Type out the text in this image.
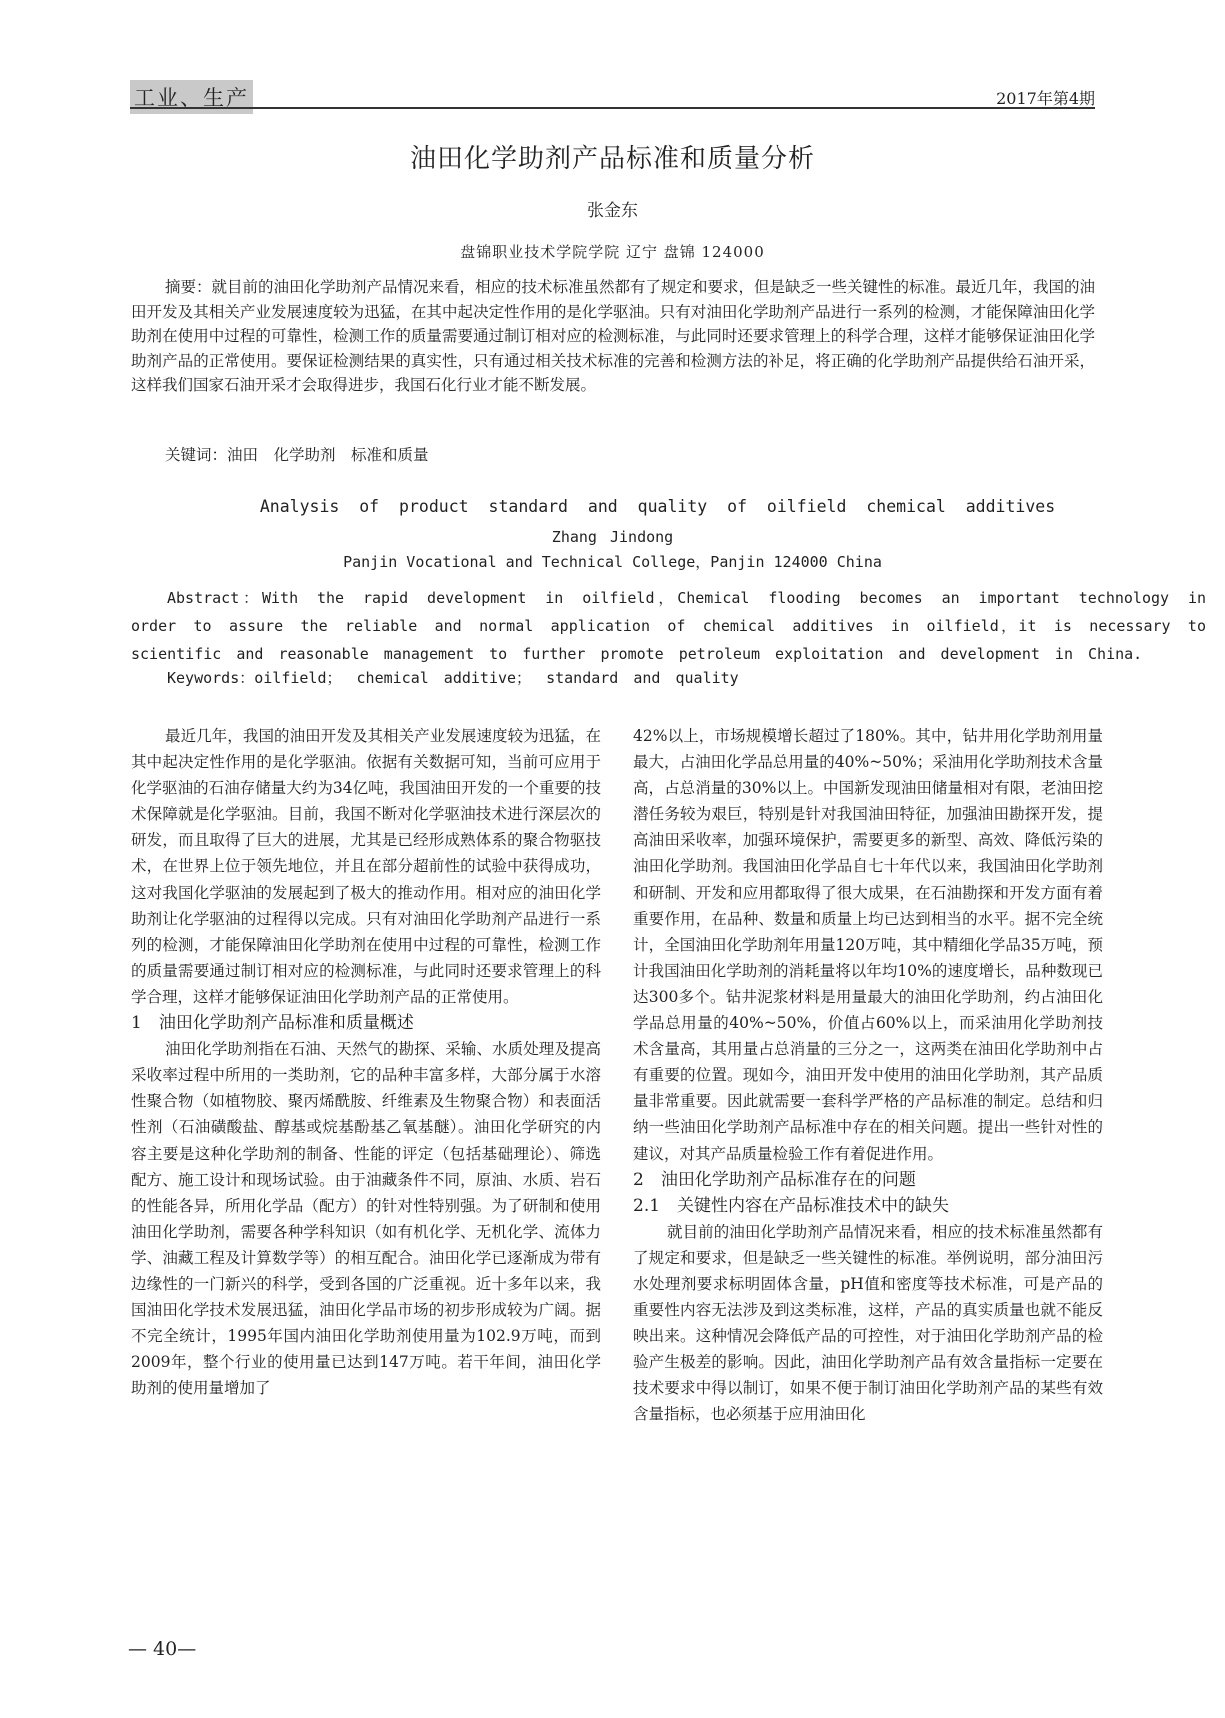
工业、生产	2017年第4期
油田化学助剂产品标准和质量分析
张金东
盘锦职业技术学院学院 辽宁 盘锦 124000

摘要：就目前的油田化学助剂产品情况来看，相应的技术标准虽然都有了规定和要求，但是缺乏一些关键性的标准。最近几年，我国的油田开发及其相关产业发展速度较为迅猛，在其中起决定性作用的是化学驱油。只有对油田化学助剂产品进行一系列的检测，才能保障油田化学助剂在使用中过程的可靠性，检测工作的质量需要通过制订相对应的检测标准，与此同时还要求管理上的科学合理，这样才能够保证油田化学助剂产品的正常使用。要保证检测结果的真实性，只有通过相关技术标准的完善和检测方法的补足，将正确的化学助剂产品提供给石油开采，这样我们国家石油开采才会取得进步，我国石化行业才能不断发展。

关键词：油田　化学助剂　标准和质量
Analysis of product standard and quality of oilfield chemical additives
Zhang Jindong
Panjin Vocational and Technical College，Panjin 124000 China

Abstract：With the rapid development in oilfield，Chemical flooding becomes an important technology in order to assure the reliable and normal application of chemical additives in oilfield，it is necessary to scientific and reasonable management to further promote petroleum exploitation and development in China.

Keywords：oilfield； chemical additive； standard and quality

最近几年，我国的油田开发及其相关产业发展速度较为迅猛，在其中起决定性作用的是化学驱油。依据有关数据可知，当前可应用于化学驱油的石油存储量大约为34亿吨，我国油田开发的一个重要的技术保障就是化学驱油。目前，我国不断对化学驱油技术进行深层次的研发，而且取得了巨大的进展，尤其是已经形成熟体系的聚合物驱技术，在世界上位于领先地位，并且在部分超前性的试验中获得成功，这对我国化学驱油的发展起到了极大的推动作用。相对应的油田化学助剂让化学驱油的过程得以完成。只有对油田化学助剂产品进行一系列的检测，才能保障油田化学助剂在使用中过程的可靠性，检测工作的质量需要通过制订相对应的检测标准，与此同时还要求管理上的科学合理，这样才能够保证油田化学助剂产品的正常使用。

1　油田化学助剂产品标准和质量概述

油田化学助剂指在石油、天然气的勘探、采输、水质处理及提高采收率过程中所用的一类助剂，它的品种丰富多样，大部分属于水溶性聚合物（如植物胶、聚丙烯酰胺、纤维素及生物聚合物）和表面活性剂（石油磺酸盐、醇基或烷基酚基乙氧基醚）。油田化学研究的内容主要是这种化学助剂的制备、性能的评定（包括基础理论）、筛选配方、施工设计和现场试验。由于油藏条件不同，原油、水质、岩石的性能各异，所用化学品（配方）的针对性特别强。为了研制和使用油田化学助剂，需要各种学科知识（如有机化学、无机化学、流体力学、油藏工程及计算数学等）的相互配合。油田化学已逐渐成为带有边缘性的一门新兴的科学，受到各国的广泛重视。近十多年以来，我国油田化学技术发展迅猛，油田化学品市场的初步形成较为广阔。据不完全统计，1995年国内油田化学助剂使用量为102.9万吨，而到2009年，整个行业的使用量已达到147万吨。若干年间，油田化学助剂的使用量增加了

42%以上，市场规模增长超过了180%。其中，钻井用化学助剂用量最大，占油田化学品总用量的40%~50%；采油用化学助剂技术含量高，占总消量的30%以上。中国新发现油田储量相对有限，老油田挖潜任务较为艰巨，特别是针对我国油田特征，加强油田勘探开发，提高油田采收率，加强环境保护，需要更多的新型、高效、降低污染的油田化学助剂。我国油田化学品自七十年代以来，我国油田化学助剂和研制、开发和应用都取得了很大成果，在石油勘探和开发方面有着重要作用，在品种、数量和质量上均已达到相当的水平。据不完全统计，全国油田化学助剂年用量120万吨，其中精细化学品35万吨，预计我国油田化学助剂的消耗量将以年均10%的速度增长，品种数现已达300多个。钻井泥浆材料是用量最大的油田化学助剂，约占油田化学品总用量的40%~50%，价值占60%以上，而采油用化学助剂技术含量高，其用量占总消量的三分之一，这两类在油田化学助剂中占有重要的位置。现如今，油田开发中使用的油田化学助剂，其产品质量非常重要。因此就需要一套科学严格的产品标准的制定。总结和归纳一些油田化学助剂产品标准中存在的相关问题。提出一些针对性的建议，对其产品质量检验工作有着促进作用。

2　油田化学助剂产品标准存在的问题

2.1　关键性内容在产品标准技术中的缺失

就目前的油田化学助剂产品情况来看，相应的技术标准虽然都有了规定和要求，但是缺乏一些关键性的标准。举例说明，部分油田污水处理剂要求标明固体含量，pH值和密度等技术标准，可是产品的重要性内容无法涉及到这类标准，这样，产品的真实质量也就不能反映出来。这种情况会降低产品的可控性，对于油田化学助剂产品的检验产生极差的影响。因此，油田化学助剂产品有效含量指标一定要在技术要求中得以制订，如果不便于制订油田化学助剂产品的某些有效含量指标，也必须基于应用油田化

— 40—
